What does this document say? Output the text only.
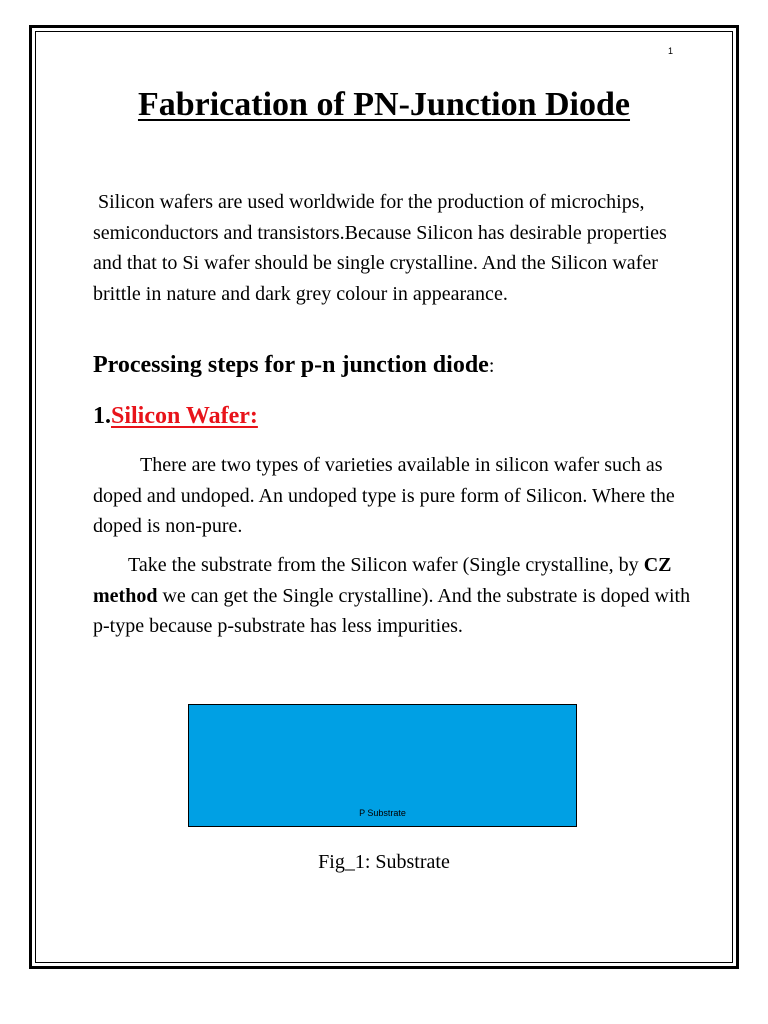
1
Fabrication of PN-Junction Diode

Silicon wafers are used worldwide for the production of microchips, semiconductors and transistors.Because Silicon has desirable properties and that to Si wafer should be single crystalline. And the Silicon wafer brittle in nature and dark grey colour in appearance.

Processing steps for p-n junction diode:
1.Silicon Wafer:

There are two types of varieties available in silicon wafer such as doped and undoped. An undoped type is pure form of Silicon. Where the doped is non-pure.

Take the substrate from the Silicon wafer (Single crystalline, by CZ method we can get the Single crystalline). And the substrate is doped with p-type because p-substrate has less impurities.

P Substrate
Fig_1: Substrate
